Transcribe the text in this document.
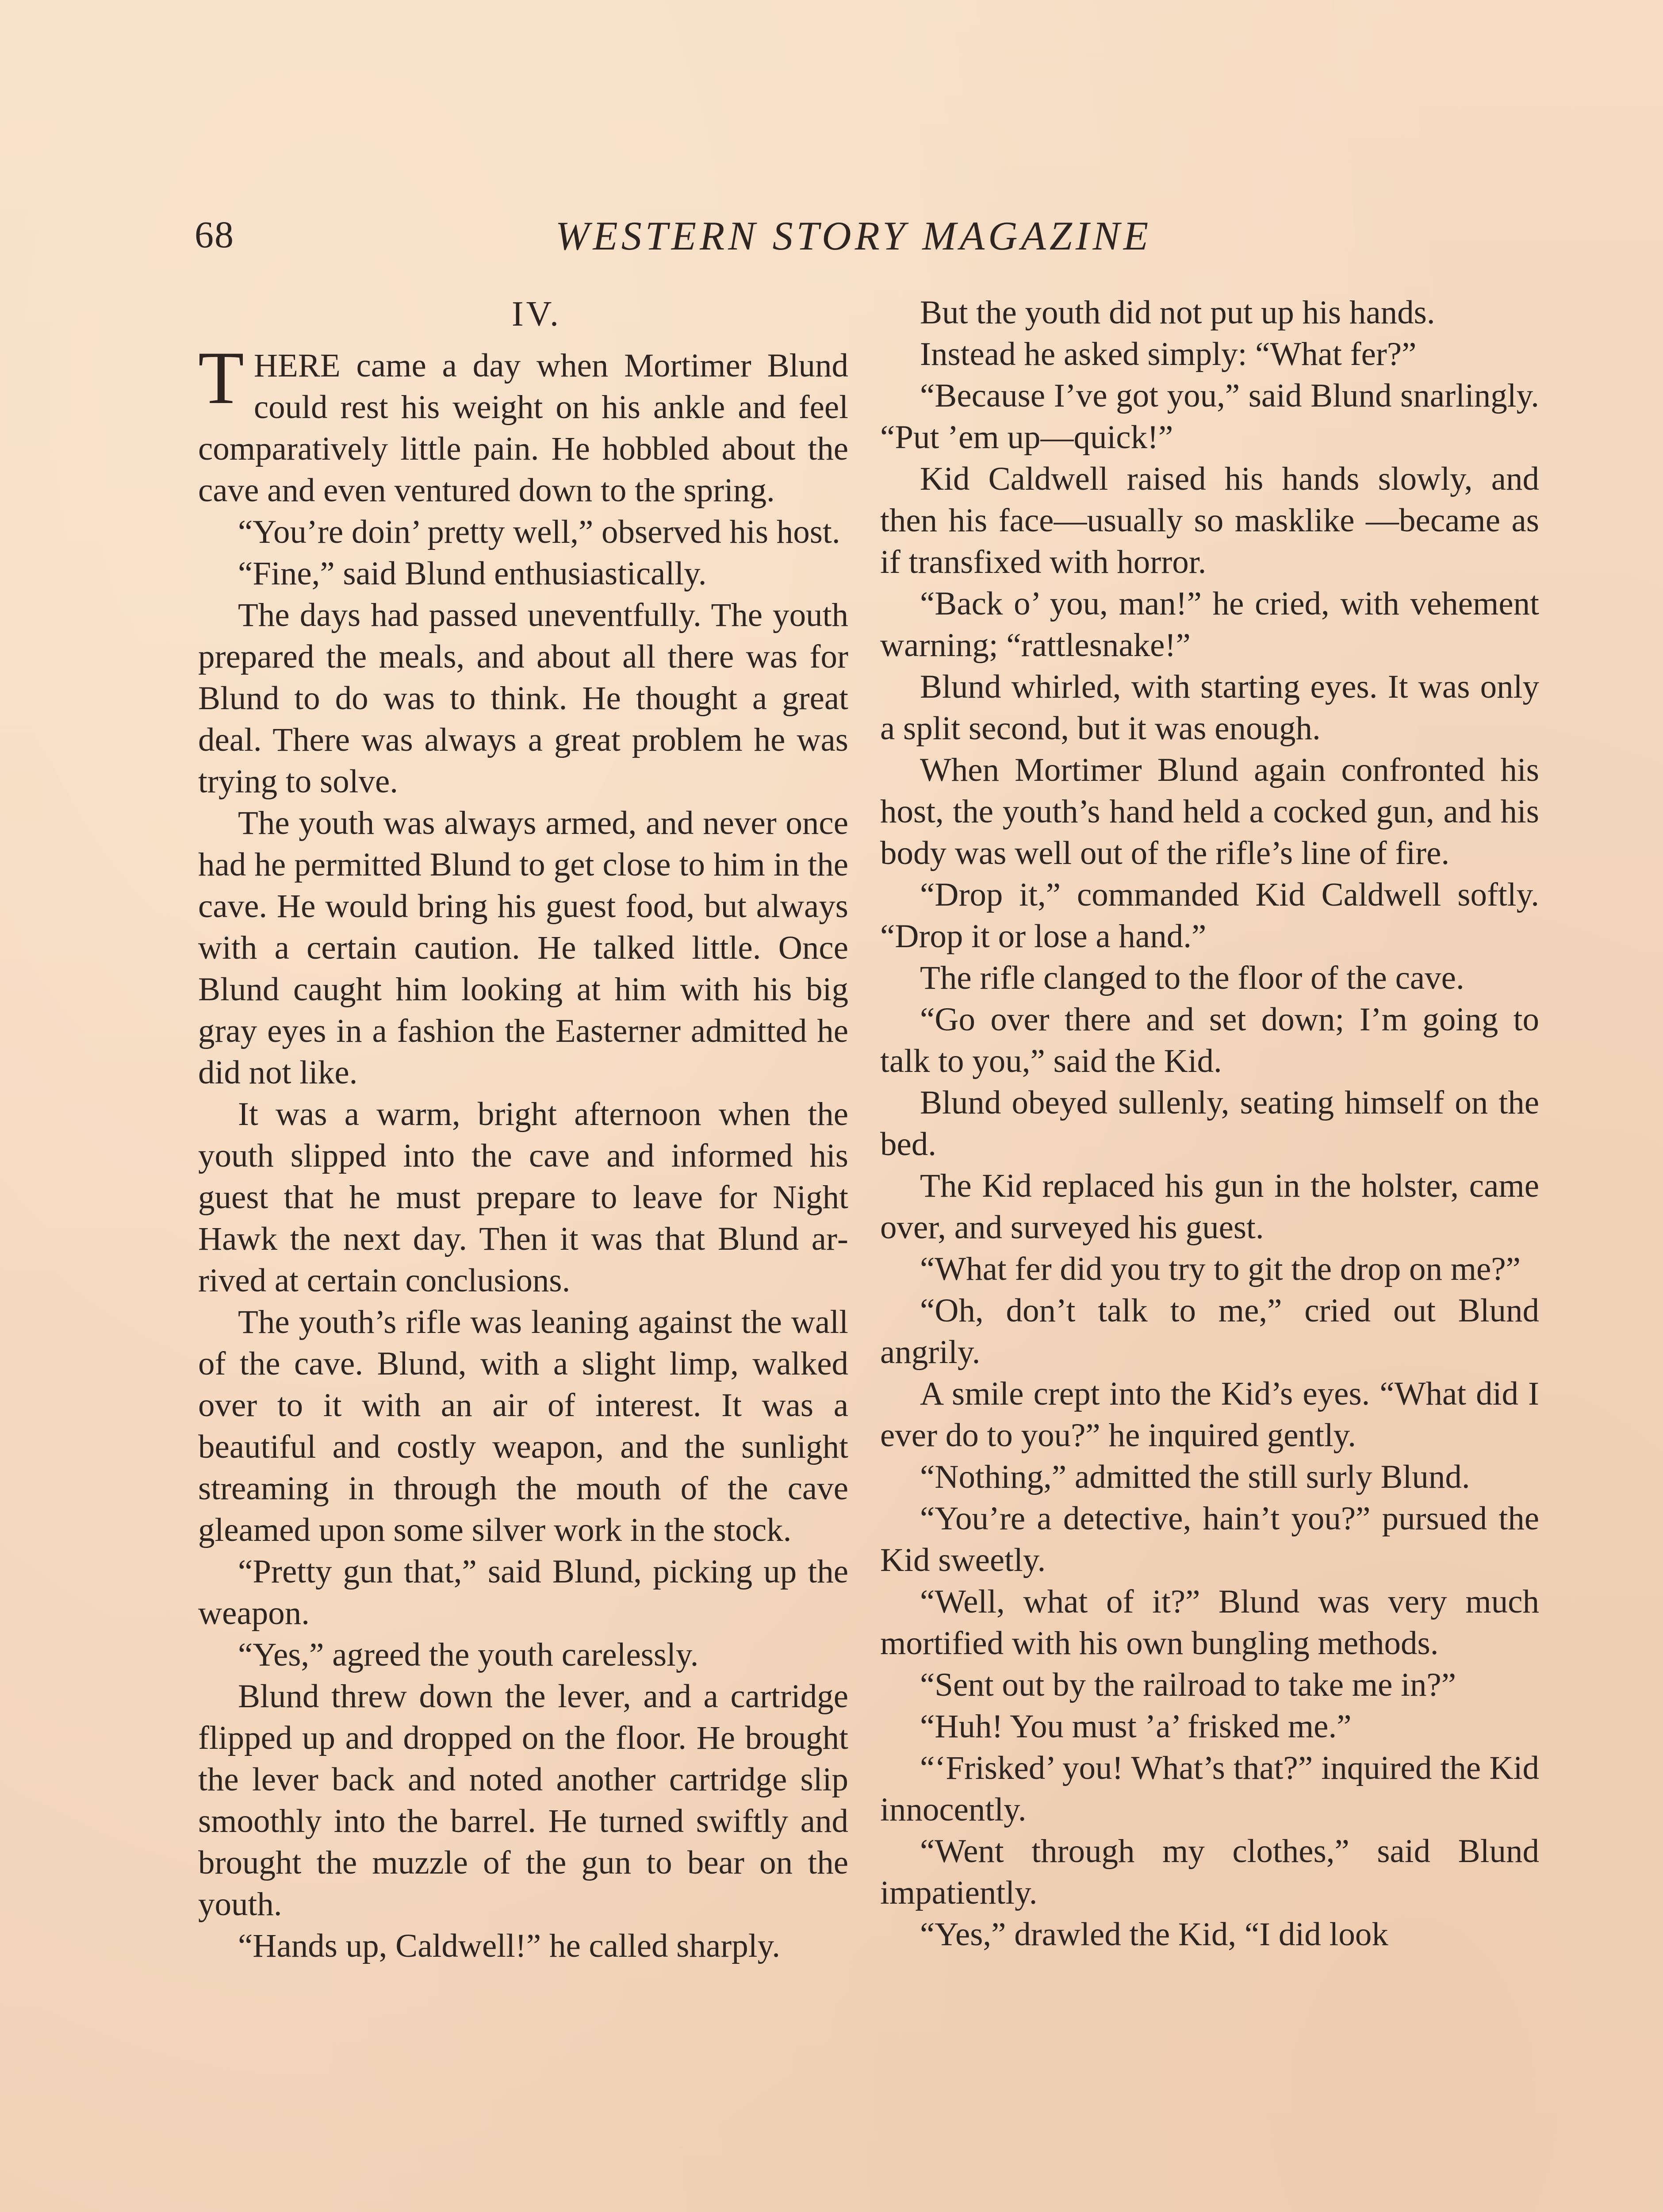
68	WESTERN STORY MAGAZINE
IV.

THERE came a day when Mortimer Blund could rest his weight on his ankle and feel comparatively little pain. He hobbled about the cave and even ventured down to the spring.

“You’re doin’ pretty well,” observed his host.

“Fine,” said Blund enthusiastically.

The days had passed uneventfully. The youth prepared the meals, and about all there was for Blund to do was to think. He thought a great deal. There was always a great problem he was trying to solve.

The youth was always armed, and never once had he permitted Blund to get close to him in the cave. He would bring his guest food, but always with a certain caution. He talked little. Once Blund caught him looking at him with his big gray eyes in a fashion the Easterner admitted he did not like.

It was a warm, bright afternoon when the youth slipped into the cave and informed his guest that he must prepare to leave for Night Hawk the next day. Then it was that Blund arrived at certain conclusions.

The youth’s rifle was leaning against the wall of the cave. Blund, with a slight limp, walked over to it with an air of interest. It was a beautiful and costly weapon, and the sunlight streaming in through the mouth of the cave gleamed upon some silver work in the stock.

“Pretty gun that,” said Blund, picking up the weapon.

“Yes,” agreed the youth carelessly.

Blund threw down the lever, and a cartridge flipped up and dropped on the floor. He brought the lever back and noted another cartridge slip smoothly into the barrel. He turned swiftly and brought the muzzle of the gun to bear on the youth.

“Hands up, Caldwell!” he called sharply.

But the youth did not put up his hands.

Instead he asked simply: “What fer?”

“Because I’ve got you,” said Blund snarlingly. “Put ’em up—quick!”

Kid Caldwell raised his hands slowly, and then his face—usually so masklike —became as if transfixed with horror.

“Back o’ you, man!” he cried, with vehement warning; “rattlesnake!”

Blund whirled, with starting eyes. It was only a split second, but it was enough.

When Mortimer Blund again confronted his host, the youth’s hand held a cocked gun, and his body was well out of the rifle’s line of fire.

“Drop it,” commanded Kid Caldwell softly. “Drop it or lose a hand.”

The rifle clanged to the floor of the cave.

“Go over there and set down; I’m going to talk to you,” said the Kid.

Blund obeyed sullenly, seating himself on the bed.

The Kid replaced his gun in the holster, came over, and surveyed his guest.

“What fer did you try to git the drop on me?”

“Oh, don’t talk to me,” cried out Blund angrily.

A smile crept into the Kid’s eyes. “What did I ever do to you?” he inquired gently.

“Nothing,” admitted the still surly Blund.

“You’re a detective, hain’t you?” pursued the Kid sweetly.

“Well, what of it?” Blund was very much mortified with his own bungling methods.

“Sent out by the railroad to take me in?”

“Huh! You must ’a’ frisked me.”

“‘Frisked’ you! What’s that?” inquired the Kid innocently.

“Went through my clothes,” said Blund impatiently.

“Yes,” drawled the Kid, “I did look
